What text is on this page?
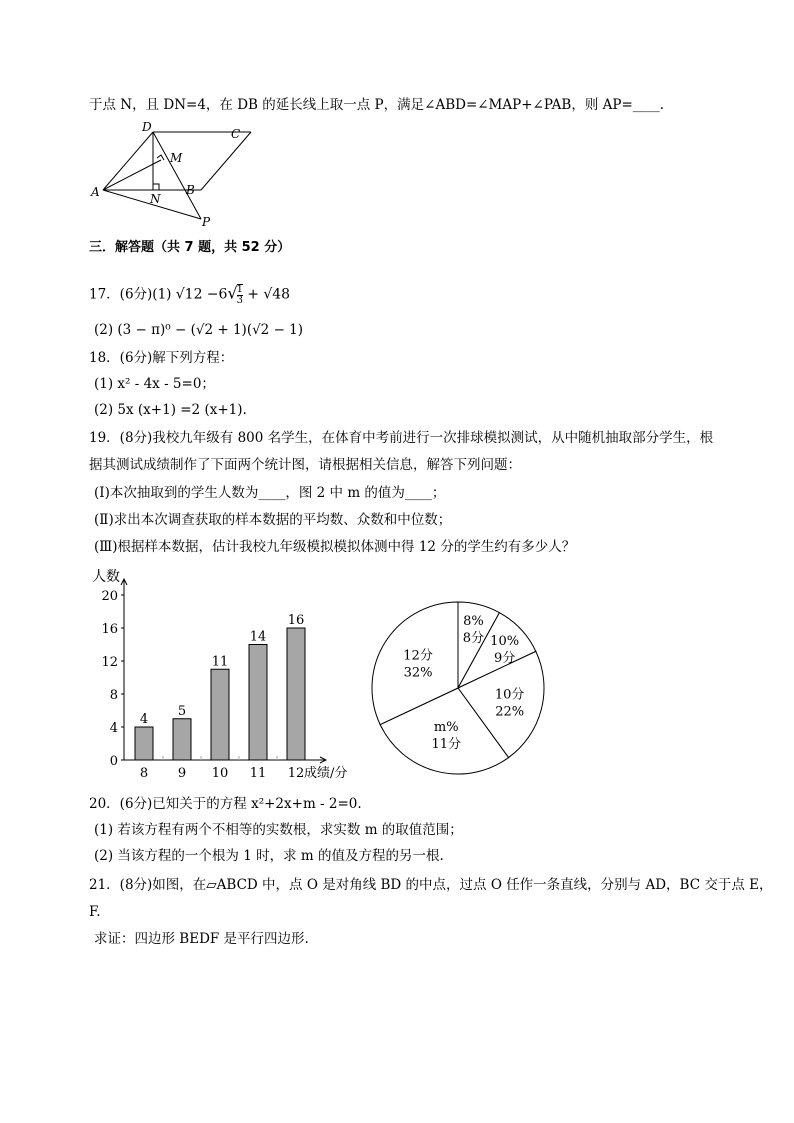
于点 N，且 DN=4，在 DB 的延长线上取一点 P，满足∠ABD=∠MAP+∠PAB，则 AP=____.
D	C
M
A	N
B
P
三．解答题（共 7 题，共 52 分）
17．(6分)(1) $√12 -6√ \frac{1}{3} + √48$
(2) (3 − π)⁰ − (√2 + 1)(√2 − 1)
18．(6分)解下列方程：
(1) x² - 4x - 5=0；
(2) 5x (x+1) =2 (x+1).
19．(8分)我校九年级有 800 名学生，在体育中考前进行一次排球模拟测试，从中随机抽取部分学生，根
据其测试成绩制作了下面两个统计图，请根据相关信息，解答下列问题：
(Ⅰ)本次抽取到的学生人数为____，图 2 中 m 的值为____；
(Ⅱ)求出本次调查获取的样本数据的平均数、众数和中位数；
(Ⅲ)根据样本数据，估计我校九年级模拟模拟体测中得 12 分的学生约有多少人？
人数
成绩/分
0
4
8
12
16
20
4
8
5
9
11
10
14
11
16
12
8%
8分 10%
9分
10分
22%
m%
11分
12分
32%
20．(6分)已知关于的方程 x²+2x+m - 2=0.
(1) 若该方程有两个不相等的实数根，求实数 m 的取值范围；
(2) 当该方程的一个根为 1 时，求 m 的值及方程的另一根.
21．(8分)如图，在▱ABCD 中，点 O 是对角线 BD 的中点，过点 O 任作一条直线，分别与 AD，BC 交于点 E，
F.
求证：四边形 BEDF 是平行四边形.
